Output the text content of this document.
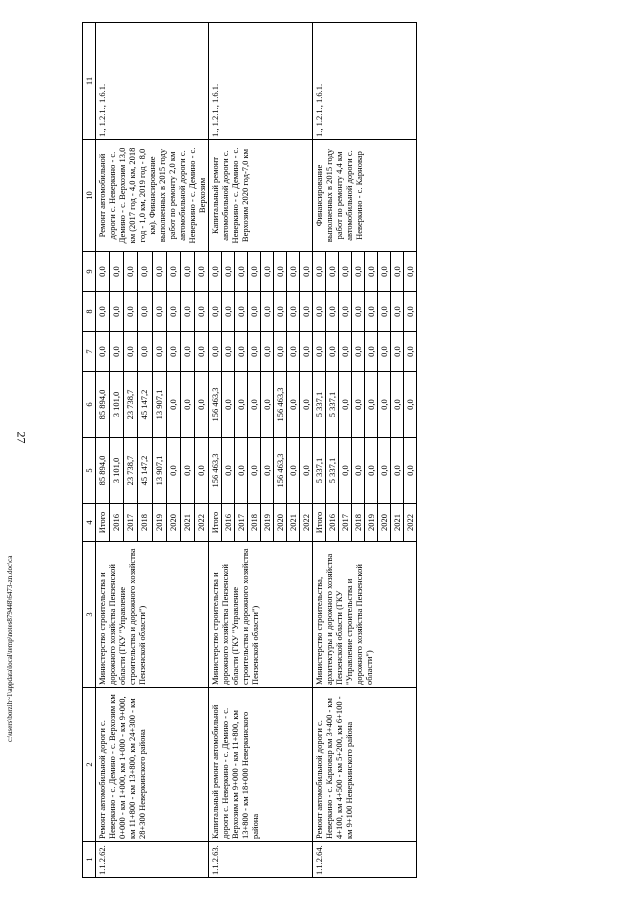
27
c:\users\borzih~1\appdata\local\temp\notes879448\6473-zn.doc\ca
1	2	3	4	5	6	7	8	9	10	11
1.1.2.62.	Ремонт автомобильной дороги с. Неверкино - с. Демино - с. Верхозим км 0+000 - км 1+000, км 1+000 - км 9+000, км 11+800 - км 13+800, км 24+300 - км 28+300 Неверкинского района	Министерство строительства и дорожного хозяйства Пензенской области (ГКУ "Управление строительства и дорожного хозяйства Пензенской области")	Итого	85 894,0	85 894,0	0,0	0,0	0,0	Ремонт автомобильной дороги с. Неверкино - с. Демино - с. Верхозим 13,0 км (2017 год - 4,0 км, 2018 год - 1,0 км, 2019 год - 8,0 км). Финансирование выполненных в 2015 году работ по ремонту 2,0 км автомобильной дороги с. Неверкино - с. Демино - с. Верхозим	1., 1.2.1., 1.6.1.
			2016	3 101,0	3 101,0	0,0	0,0	0,0		
			2017	23 738,7	23 738,7	0,0	0,0	0,0		
			2018	45 147,2	45 147,2	0,0	0,0	0,0		
			2019	13 907,1	13 907,1	0,0	0,0	0,0		
			2020	0,0	0,0	0,0	0,0	0,0		
			2021	0,0	0,0	0,0	0,0	0,0		
			2022	0,0	0,0	0,0	0,0	0,0		

1.1.2.63.	Капитальный ремонт автомобильной дороги с. Неверкино - с. Демино - с. Верхозим км 9+000 - км 11+800, км 13+800 - км 18+000 Неверкинского района	Министерство строительства и дорожного хозяйства Пензенской области (ГКУ "Управление строительства и дорожного хозяйства Пензенской области")	Итого	156 463,3	156 463,3	0,0	0,0	0,0	Капитальный ремонт автомобильной дороги с. Неверкино - с. Демино - с. Верхозим 2020 год-7,0 км	1., 1.2.1., 1.6.1.
			2016	0,0	0,0	0,0	0,0	0,0		
			2017	0,0	0,0	0,0	0,0	0,0		
			2018	0,0	0,0	0,0	0,0	0,0		
			2019	0,0	0,0	0,0	0,0	0,0		
			2020	156 463,3	156 463,3	0,0	0,0	0,0		
			2021	0,0	0,0	0,0	0,0	0,0		
			2022	0,0	0,0	0,0	0,0	0,0		

1.1.2.64.	Ремонт автомобильной дороги с. Неверкино - с. Карновар км 3+400 - км 4+100, км 4+500 - км 5+200, км 6+100 - км 9+100 Неверкинского района	Министерство строительства, архитектуры и дорожного хозяйства Пензенской области (ГКУ "Управление строительства и дорожного хозяйства Пензенской области")	Итого	5 337,1	5 337,1	0,0	0,0	0,0	Финансирование выполненных в 2015 году работ по ремонту 4,4 км автомобильной дороги с. Неверкино - с. Карновар	1., 1.2.1., 1.6.1.
			2016	5 337,1	5 337,1	0,0	0,0	0,0		
			2017	0,0	0,0	0,0	0,0	0,0		
			2018	0,0	0,0	0,0	0,0	0,0		
			2019	0,0	0,0	0,0	0,0	0,0		
			2020	0,0	0,0	0,0	0,0	0,0		
			2021	0,0	0,0	0,0	0,0	0,0		
			2022	0,0	0,0	0,0	0,0	0,0		
